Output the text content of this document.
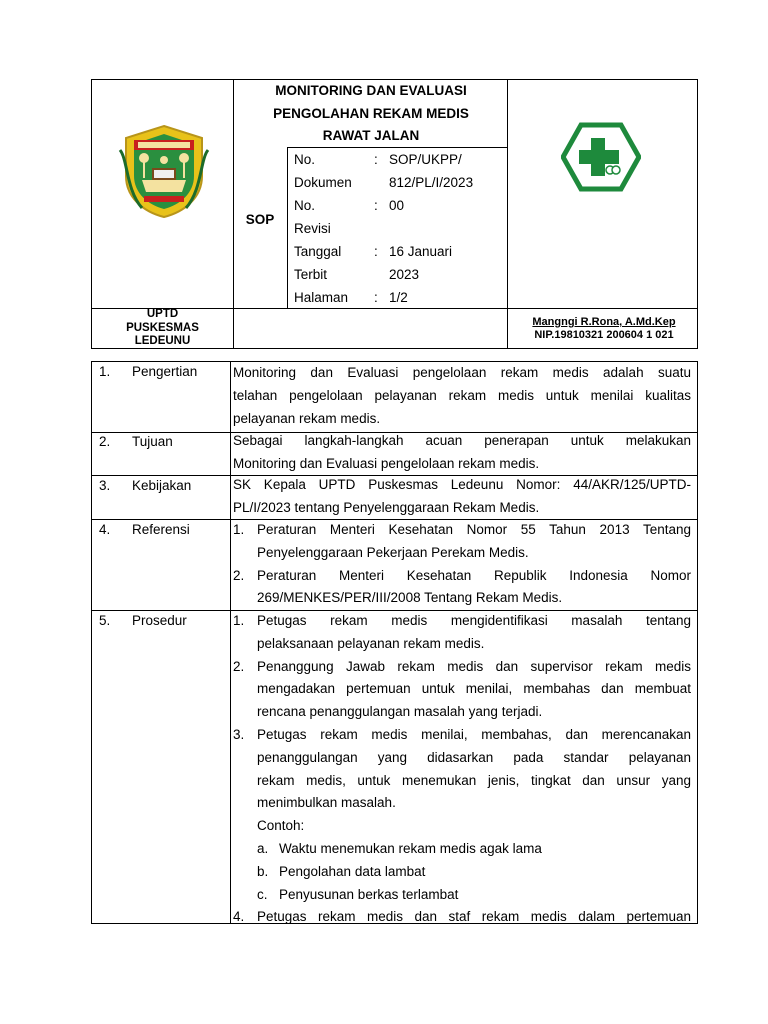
MONITORING DAN EVALUASI
PENGOLAHAN REKAM MEDIS
RAWAT JALAN
SOP
No.	: SOP/UKPP/
Dokumen	812/PL/I/2023
No.	: 00
Revisi
Tanggal : 16 Januari
Terbit	2023
Halaman : 1/2
UPTD
PUSKESMAS
LEDEUNU
Mangngi R.Rona, A.Md.Kep
NIP.19810321 200604 1 021
1. Pengertian	Monitoring dan Evaluasi pengelolaan rekam medis adalah suatu
telahan pengelolaan pelayanan rekam medis untuk menilai kualitas
pelayanan rekam medis.
2. Tujuan	Sebagai langkah-langkah acuan penerapan untuk melakukan
Monitoring dan Evaluasi pengelolaan rekam medis.
3. Kebijakan	SK Kepala UPTD Puskesmas Ledeunu Nomor: 44/AKR/125/UPTD-
PL/I/2023 tentang Penyelenggaraan Rekam Medis.
4. Referensi	1. Peraturan Menteri Kesehatan Nomor 55 Tahun 2013 Tentang
Penyelenggaraan Pekerjaan Perekam Medis.
2. Peraturan Menteri Kesehatan Republik Indonesia Nomor
269/MENKES/PER/III/2008 Tentang Rekam Medis.
5. Prosedur	1. Petugas rekam medis mengidentifikasi masalah tentang
pelaksanaan pelayanan rekam medis.
2. Penanggung Jawab rekam medis dan supervisor rekam medis
mengadakan pertemuan untuk menilai, membahas dan membuat
rencana penanggulangan masalah yang terjadi.
3. Petugas rekam medis menilai, membahas, dan merencanakan
penanggulangan yang didasarkan pada standar pelayanan
rekam medis, untuk menemukan jenis, tingkat dan unsur yang
menimbulkan masalah.
Contoh:
a. Waktu menemukan rekam medis agak lama
b. Pengolahan data lambat
c. Penyusunan berkas terlambat
4. Petugas rekam medis dan staf rekam medis dalam pertemuan
